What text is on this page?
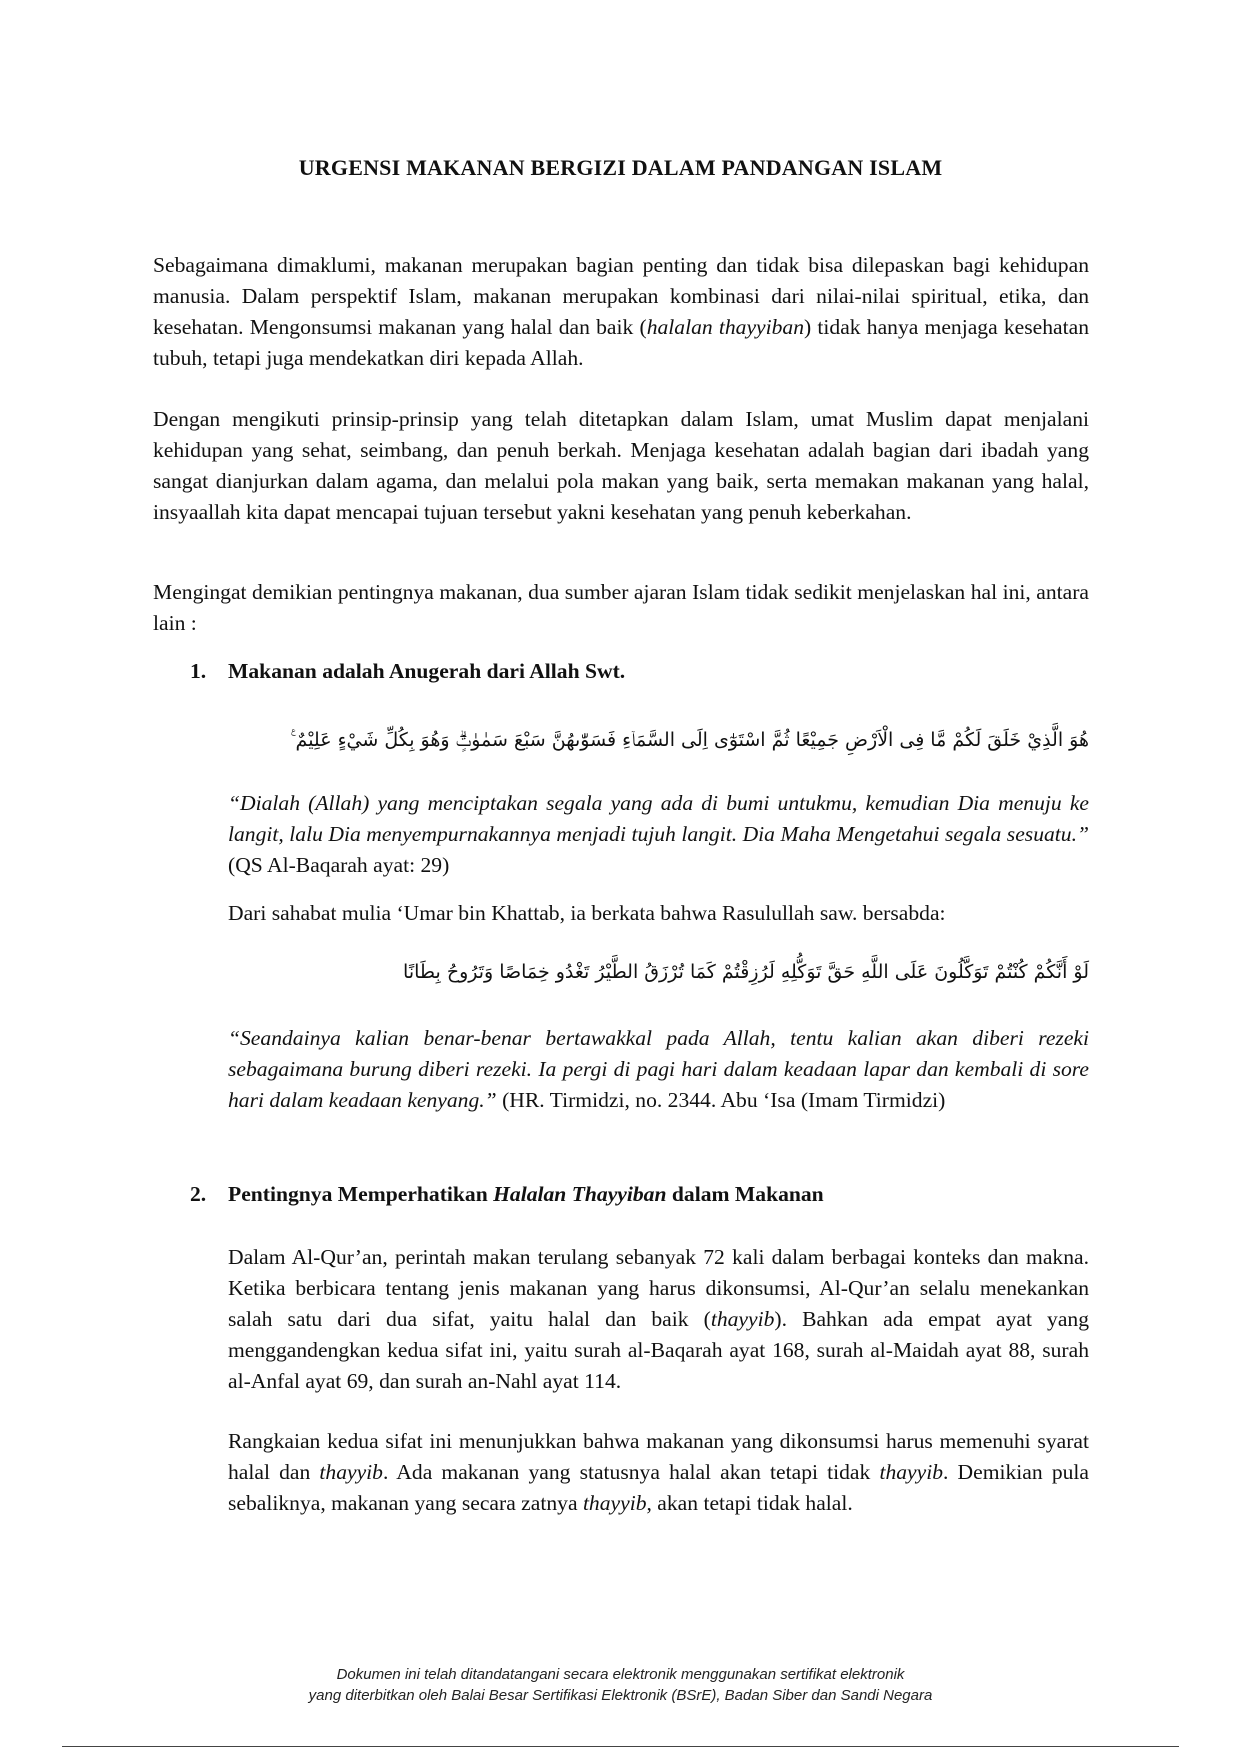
URGENSI MAKANAN BERGIZI DALAM PANDANGAN ISLAM
Sebagaimana dimaklumi, makanan merupakan bagian penting dan tidak bisa dilepaskan bagi kehidupan manusia. Dalam perspektif Islam, makanan merupakan kombinasi dari nilai-nilai spiritual, etika, dan kesehatan. Mengonsumsi makanan yang halal dan baik (halalan thayyiban) tidak hanya menjaga kesehatan tubuh, tetapi juga mendekatkan diri kepada Allah.
Dengan mengikuti prinsip-prinsip yang telah ditetapkan dalam Islam, umat Muslim dapat menjalani kehidupan yang sehat, seimbang, dan penuh berkah. Menjaga kesehatan adalah bagian dari ibadah yang sangat dianjurkan dalam agama, dan melalui pola makan yang baik, serta memakan makanan yang halal, insyaallah kita dapat mencapai tujuan tersebut yakni kesehatan yang penuh keberkahan.
Mengingat demikian pentingnya makanan, dua sumber ajaran Islam tidak sedikit menjelaskan hal ini, antara lain :
1. Makanan adalah Anugerah dari Allah Swt.
هُوَ الَّذِيْ خَلَقَ لَكُمْ مَّا فِى الْاَرْضِ جَمِيْعًا ثُمَّ اسْتَوٰٓى اِلَى السَّمَاۤءِ فَسَوّٰىهُنَّ سَبْعَ سَمٰوٰتٍۗ وَهُوَ بِكُلِّ شَيْءٍ عَلِيْمٌ ࣖ
“Dialah (Allah) yang menciptakan segala yang ada di bumi untukmu, kemudian Dia menuju ke langit, lalu Dia menyempurnakannya menjadi tujuh langit. Dia Maha Mengetahui segala sesuatu.” (QS Al-Baqarah ayat: 29)
Dari sahabat mulia ‘Umar bin Khattab, ia berkata bahwa Rasulullah saw. bersabda:
لَوْ أَنَّكُمْ كُنْتُمْ تَوَكَّلُونَ عَلَى اللَّهِ حَقَّ تَوَكُّلِهِ لَرُزِقْتُمْ كَمَا تُرْزَقُ الطَّيْرُ تَغْدُو خِمَاصًا وَتَرُوحُ بِطَانًا
“Seandainya kalian benar-benar bertawakkal pada Allah, tentu kalian akan diberi rezeki sebagaimana burung diberi rezeki. Ia pergi di pagi hari dalam keadaan lapar dan kembali di sore hari dalam keadaan kenyang.” (HR. Tirmidzi, no. 2344. Abu ‘Isa (Imam Tirmidzi)
2. Pentingnya Memperhatikan Halalan Thayyiban dalam Makanan
Dalam Al-Qur’an, perintah makan terulang sebanyak 72 kali dalam berbagai konteks dan makna. Ketika berbicara tentang jenis makanan yang harus dikonsumsi, Al-Qur’an selalu menekankan salah satu dari dua sifat, yaitu halal dan baik (thayyib). Bahkan ada empat ayat yang menggandengkan kedua sifat ini, yaitu surah al-Baqarah ayat 168, surah al-Maidah ayat 88, surah al-Anfal ayat 69, dan surah an-Nahl ayat 114.
Rangkaian kedua sifat ini menunjukkan bahwa makanan yang dikonsumsi harus memenuhi syarat halal dan thayyib. Ada makanan yang statusnya halal akan tetapi tidak thayyib. Demikian pula sebaliknya, makanan yang secara zatnya thayyib, akan tetapi tidak halal.
Dokumen ini telah ditandatangani secara elektronik menggunakan sertifikat elektronik
yang diterbitkan oleh Balai Besar Sertifikasi Elektronik (BSrE), Badan Siber dan Sandi Negara
